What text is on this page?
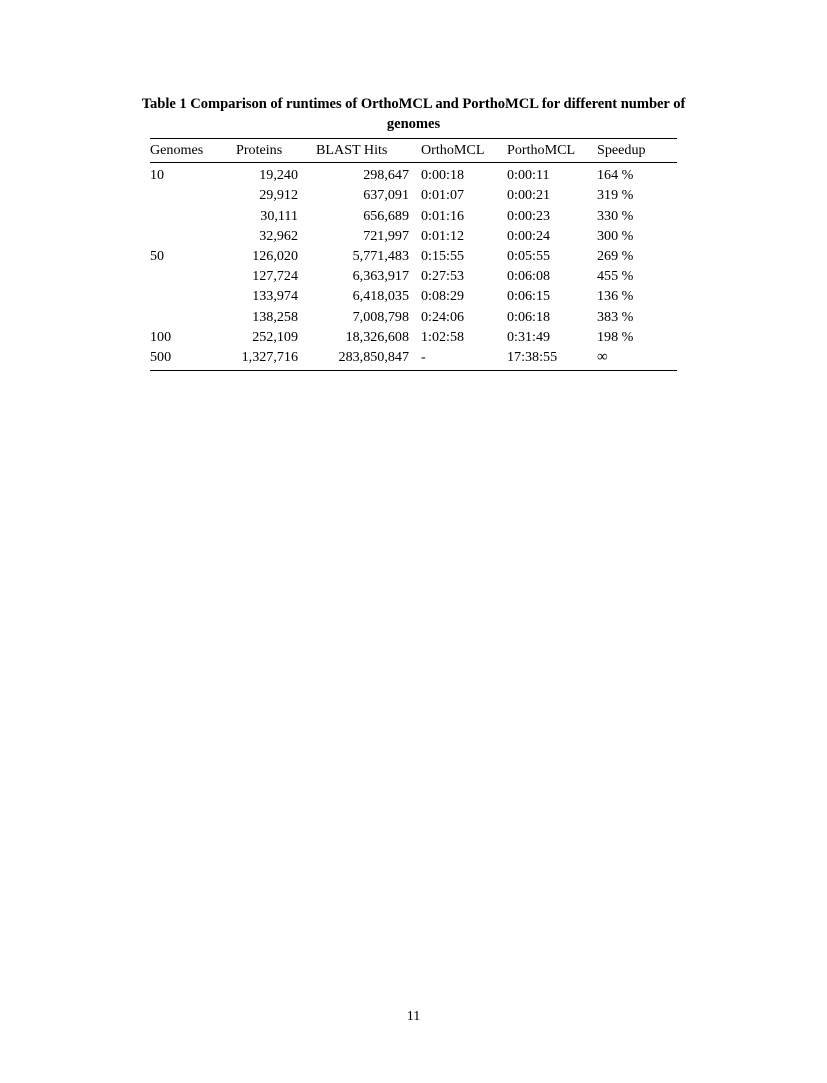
Table 1 Comparison of runtimes of OrthoMCL and PorthoMCL for different number of genomes
Genomes	Proteins	BLAST Hits	OrthoMCL	PorthoMCL	Speedup
10	19,240	298,647	0:00:18	0:00:11	164 %
	29,912	637,091	0:01:07	0:00:21	319 %
	30,111	656,689	0:01:16	0:00:23	330 %
	32,962	721,997	0:01:12	0:00:24	300 %
50	126,020	5,771,483	0:15:55	0:05:55	269 %
	127,724	6,363,917	0:27:53	0:06:08	455 %
	133,974	6,418,035	0:08:29	0:06:15	136 %
	138,258	7,008,798	0:24:06	0:06:18	383 %
100	252,109	18,326,608	1:02:58	0:31:49	198 %
500	1,327,716	283,850,847	-	17:38:55	∞
11
